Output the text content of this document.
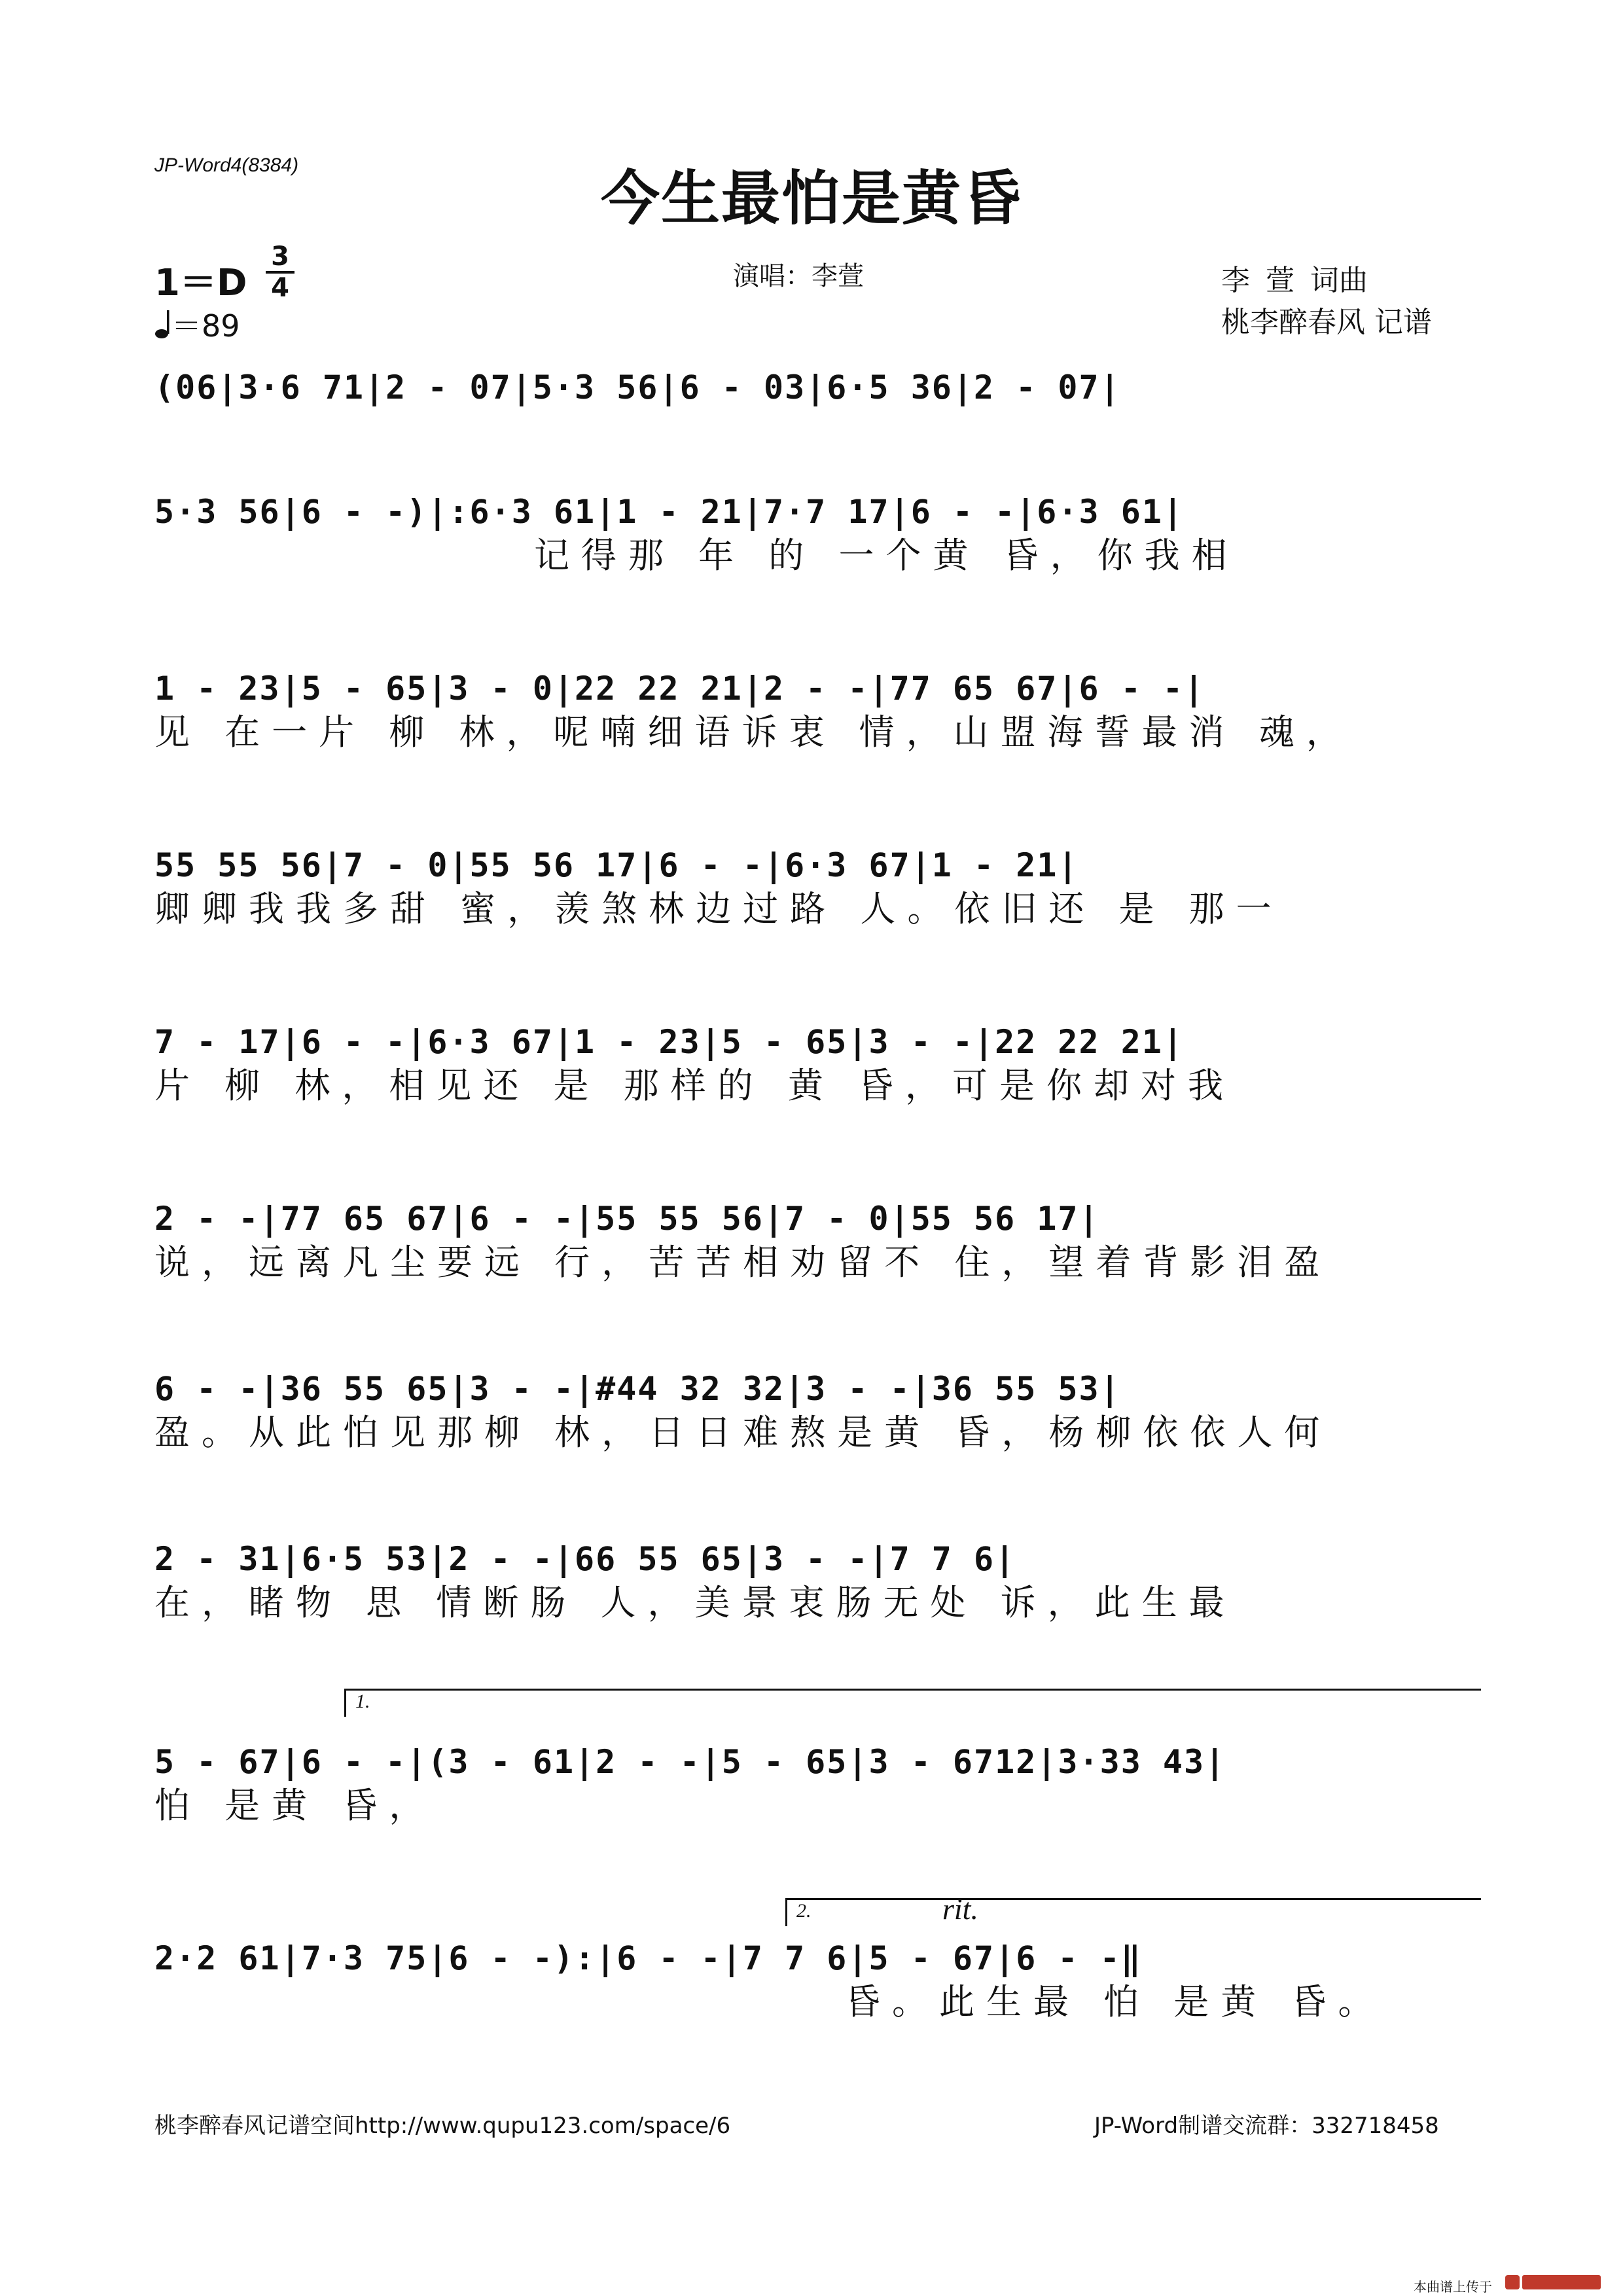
JP-Word4(8384)	今生最怕是黄昏
1＝D
3
4
＝89
演唱：李萱	李 萱 词曲
桃李醉春风 记谱
(06|3·6 71|2 - 07|5·3 56|6 - 03|6·5 36|2 - 07|
5·3 56|6 - -)|:6·3 61|1 - 21|7·7 17|6 - -|6·3 61|
记得那 年 的 一个黄 昏，你我相
1 - 23|5 - 65|3 - 0|22 22 21|2 - -|77 65 67|6 - -|
见 在一片 柳 林，呢喃细语诉衷 情，山盟海誓最消 魂，
55 55 56|7 - 0|55 56 17|6 - -|6·3 67|1 - 21|
卿卿我我多甜 蜜，羡煞林边过路 人。依旧还 是 那一
7 - 17|6 - -|6·3 67|1 - 23|5 - 65|3 - -|22 22 21|
片 柳 林，相见还 是 那样的 黄 昏，可是你却对我
2 - -|77 65 67|6 - -|55 55 56|7 - 0|55 56 17|
说，远离凡尘要远 行，苦苦相劝留不 住，望着背影泪盈
6 - -|36 55 65|3 - -|#44 32 32|3 - -|36 55 53|
盈。从此怕见那柳 林，日日难熬是黄 昏，杨柳依依人何
2 - 31|6·5 53|2 - -|66 55 65|3 - -|7 7 6|
在，睹物 思 情断肠 人，美景衷肠无处 诉，此生最
1.
5 - 67|6 - -|(3 - 61|2 - -|5 - 65|3 - 6712|3·33 43|
怕 是黄 昏，
2.	rit.
2·2 61|7·3 75|6 - -):|6 - -|7 7 6|5 - 67|6 - -‖
昏。此生最 怕 是黄 昏。
桃李醉春风记谱空间http://www.qupu123.com/space/6	JP-Word制谱交流群：332718458
本曲谱上传于
